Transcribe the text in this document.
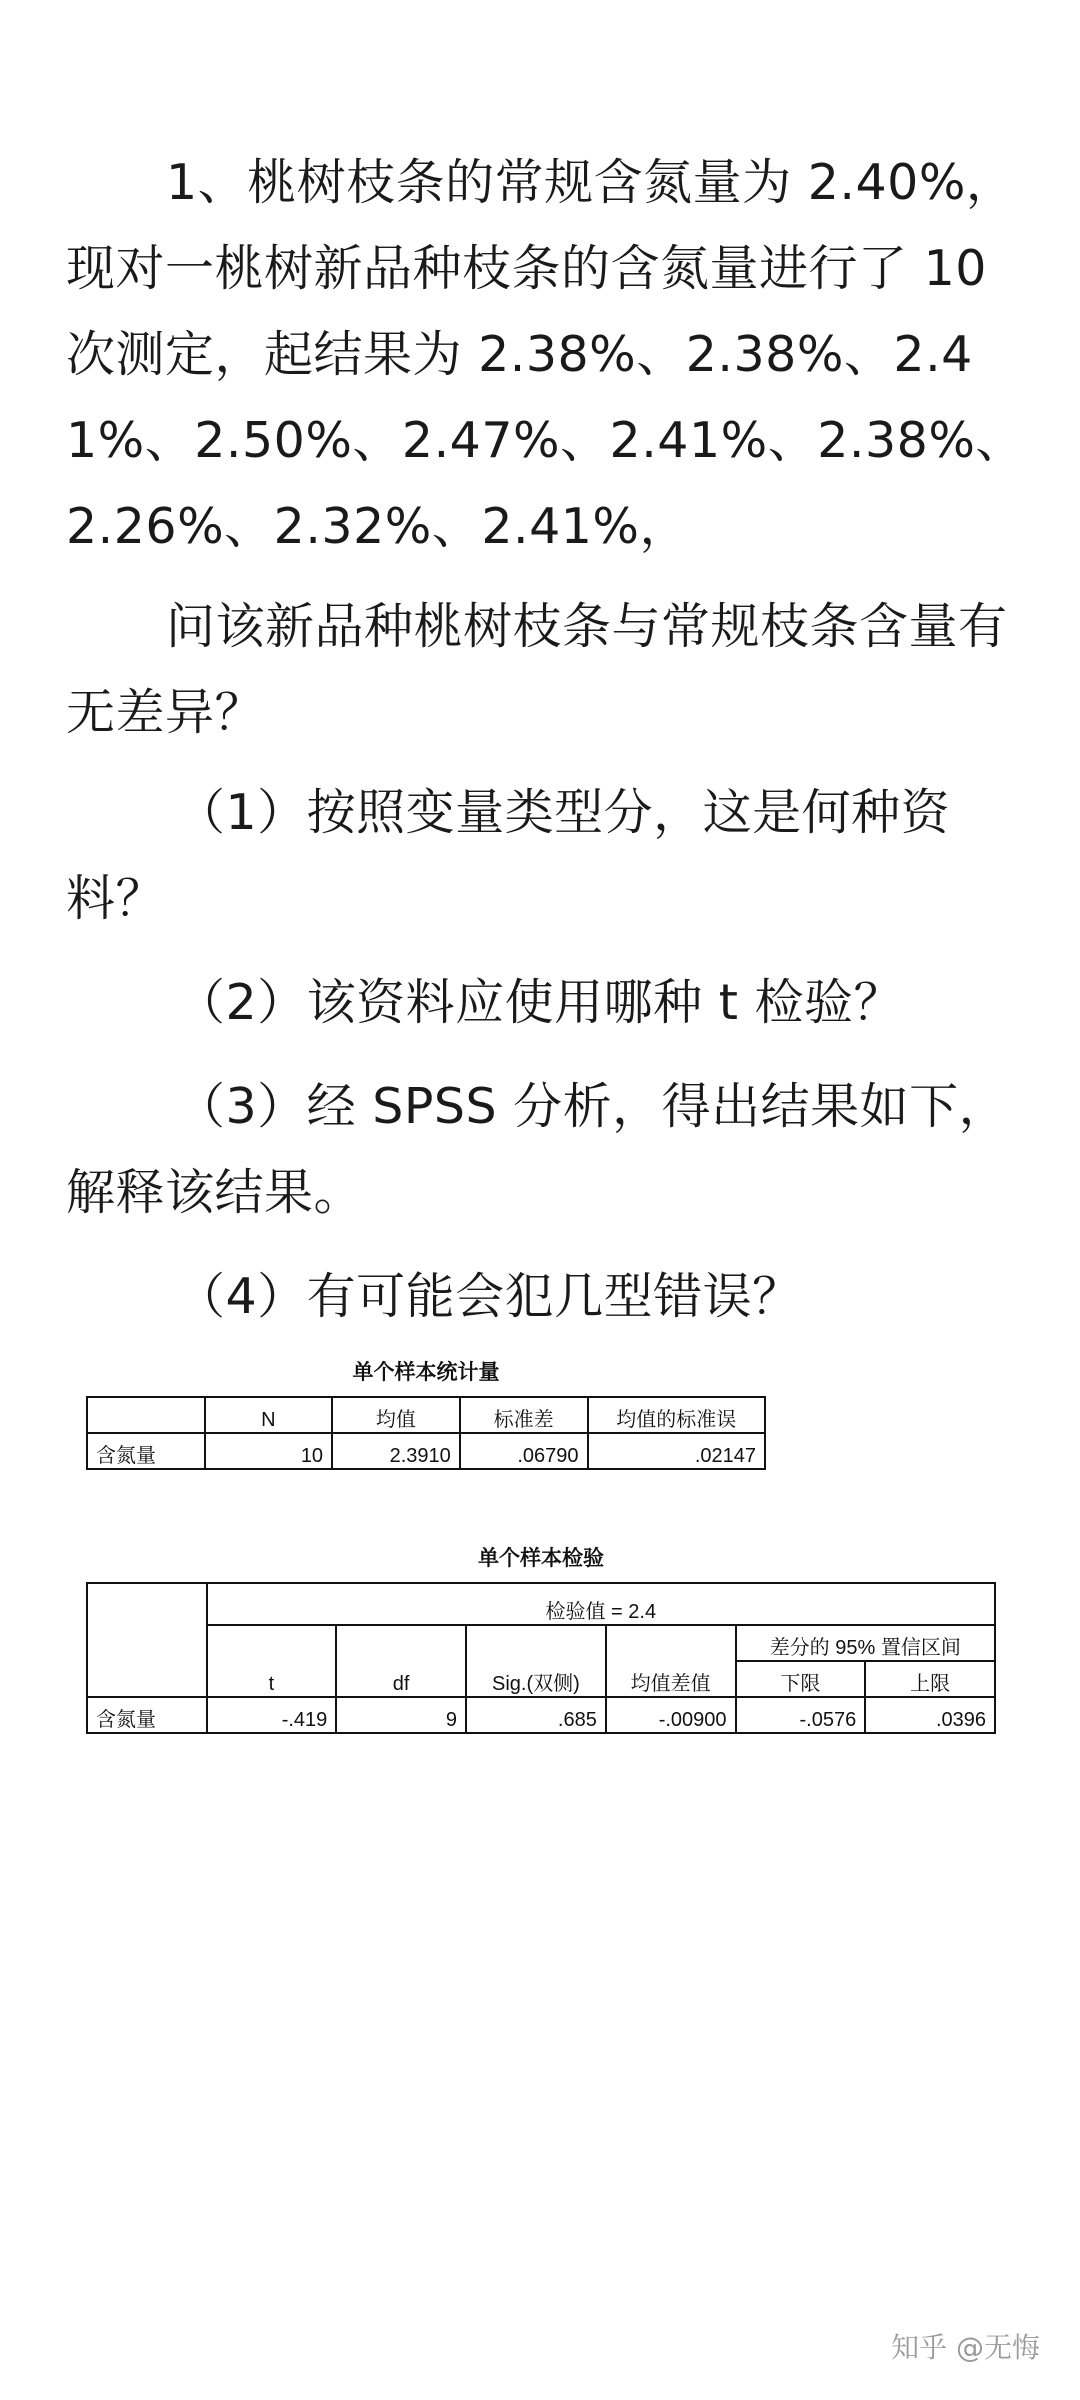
1、桃树枝条的常规含氮量为 2.40%，现对一桃树新品种枝条的含氮量进行了 10 次测定，起结果为 2.38%、2.38%、2.41%、2.50%、2.47%、2.41%、2.38%、2.26%、2.32%、2.41%，

问该新品种桃树枝条与常规枝条含量有无差异？

（1）按照变量类型分，这是何种资料？

（2）该资料应使用哪种 t 检验？

（3）经 SPSS 分析，得出结果如下，解释该结果。

（4）有可能会犯几型错误？

单个样本统计量
	N	均值	标准差	均值的标准误
含氮量	10	2.3910	.06790	.02147
单个样本检验
	检验值 = 2.4					
	t	df	Sig.(双侧)	均值差值	差分的 95% 置信区间	
					下限	上限
含氮量	-.419	9	.685	-.00900	-.0576	.0396
知乎 @无悔
